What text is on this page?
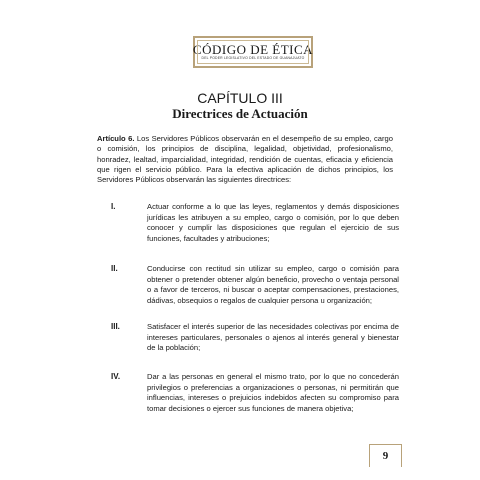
CÓDIGO DE ÉTICA
DEL PODER LEGISLATIVO DEL ESTADO DE GUANAJUATO
CAPÍTULO III
Directrices de Actuación

Artículo 6. Los Servidores Públicos observarán en el desempeño de su empleo, cargo o comisión, los principios de disciplina, legalidad, objetividad, profesionalismo, honradez, lealtad, imparcialidad, integridad, rendición de cuentas, eficacia y eficiencia que rigen el servicio público. Para la efectiva aplicación de dichos principios, los Servidores Públicos observarán las siguientes directrices:

I.	Actuar conforme a lo que las leyes, reglamentos y demás disposiciones jurídicas les atribuyen a su empleo, cargo o comisión, por lo que deben conocer y cumplir las disposiciones que regulan el ejercicio de sus funciones, facultades y atribuciones;

II.	Conducirse con rectitud sin utilizar su empleo, cargo o comisión para obtener o pretender obtener algún beneficio, provecho o ventaja personal o a favor de terceros, ni buscar o aceptar compensaciones, prestaciones, dádivas, obsequios o regalos de cualquier persona u organización;

III.	Satisfacer el interés superior de las necesidades colectivas por encima de intereses particulares, personales o ajenos al interés general y bienestar de la población;

IV.	Dar a las personas en general el mismo trato, por lo que no concederán privilegios o preferencias a organizaciones o personas, ni permitirán que influencias, intereses o prejuicios indebidos afecten su compromiso para tomar decisiones o ejercer sus funciones de manera objetiva;

9
